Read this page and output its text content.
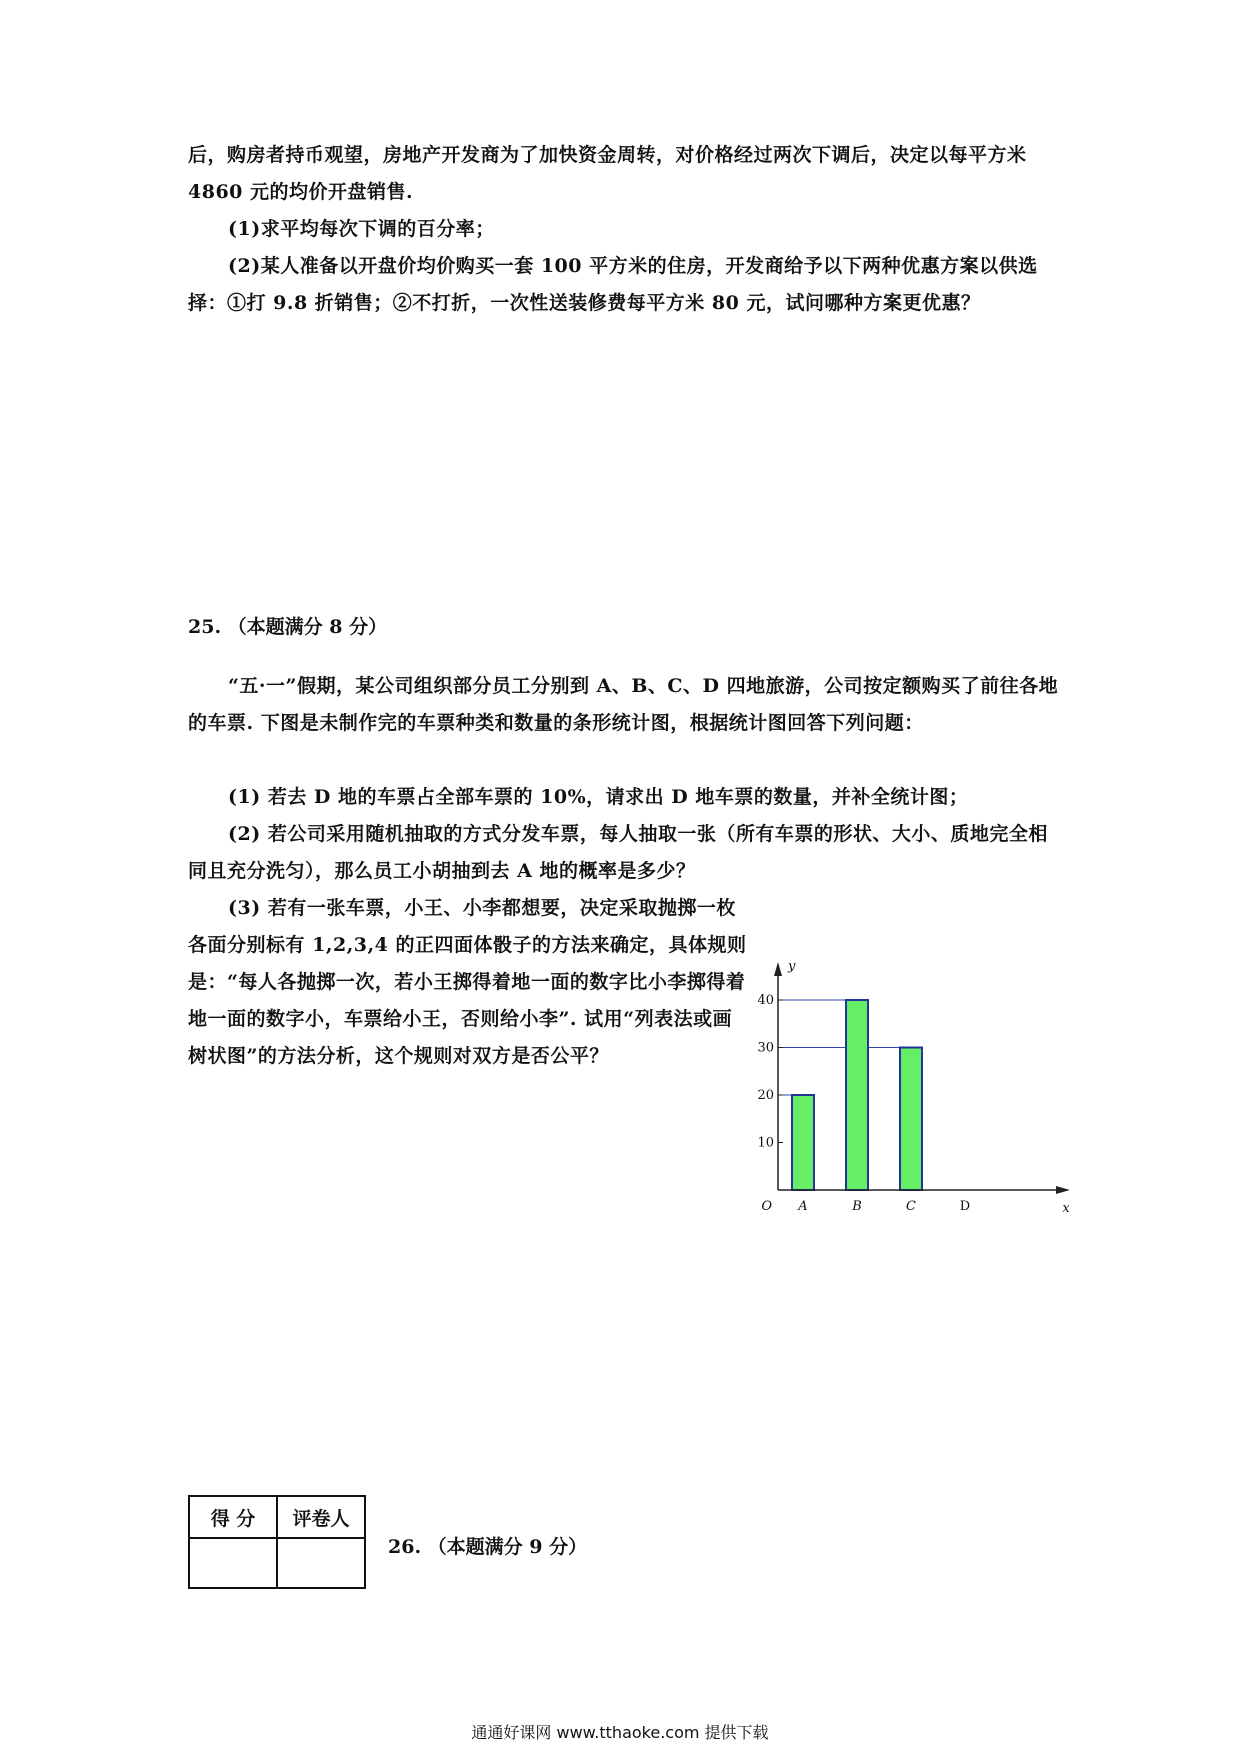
后，购房者持币观望，房地产开发商为了加快资金周转，对价格经过两次下调后，决定以每平方米 4860 元的均价开盘销售.

(1)求平均每次下调的百分率；

(2)某人准备以开盘价均价购买一套 100 平方米的住房，开发商给予以下两种优惠方案以供选择：①打 9.8 折销售；②不打折，一次性送装修费每平方米 80 元，试问哪种方案更优惠？

25. （本题满分 8 分）

“五·一”假期，某公司组织部分员工分别到 A、B、C、D 四地旅游，公司按定额购买了前往各地的车票. 下图是未制作完的车票种类和数量的条形统计图，根据统计图回答下列问题：

(1) 若去 D 地的车票占全部车票的 10%，请求出 D 地车票的数量，并补全统计图；

(2) 若公司采用随机抽取的方式分发车票，每人抽取一张（所有车票的形状、大小、质地完全相同且充分洗匀），那么员工小胡抽到去 A 地的概率是多少？

(3) 若有一张车票，小王、小李都想要，决定采取抛掷一枚各面分别标有 1,2,3,4 的正四面体骰子的方法来确定，具体规则是：“每人各抛掷一次，若小王掷得着地一面的数字比小李掷得着地一面的数字小，车票给小王，否则给小李”. 试用“列表法或画树状图”的方法分析，这个规则对双方是否公平？

10
20
30
40
A	B	C	D
O	x
y
得 分	评卷人

26. （本题满分 9 分）

通通好课网 www.tthaoke.com 提供下载
